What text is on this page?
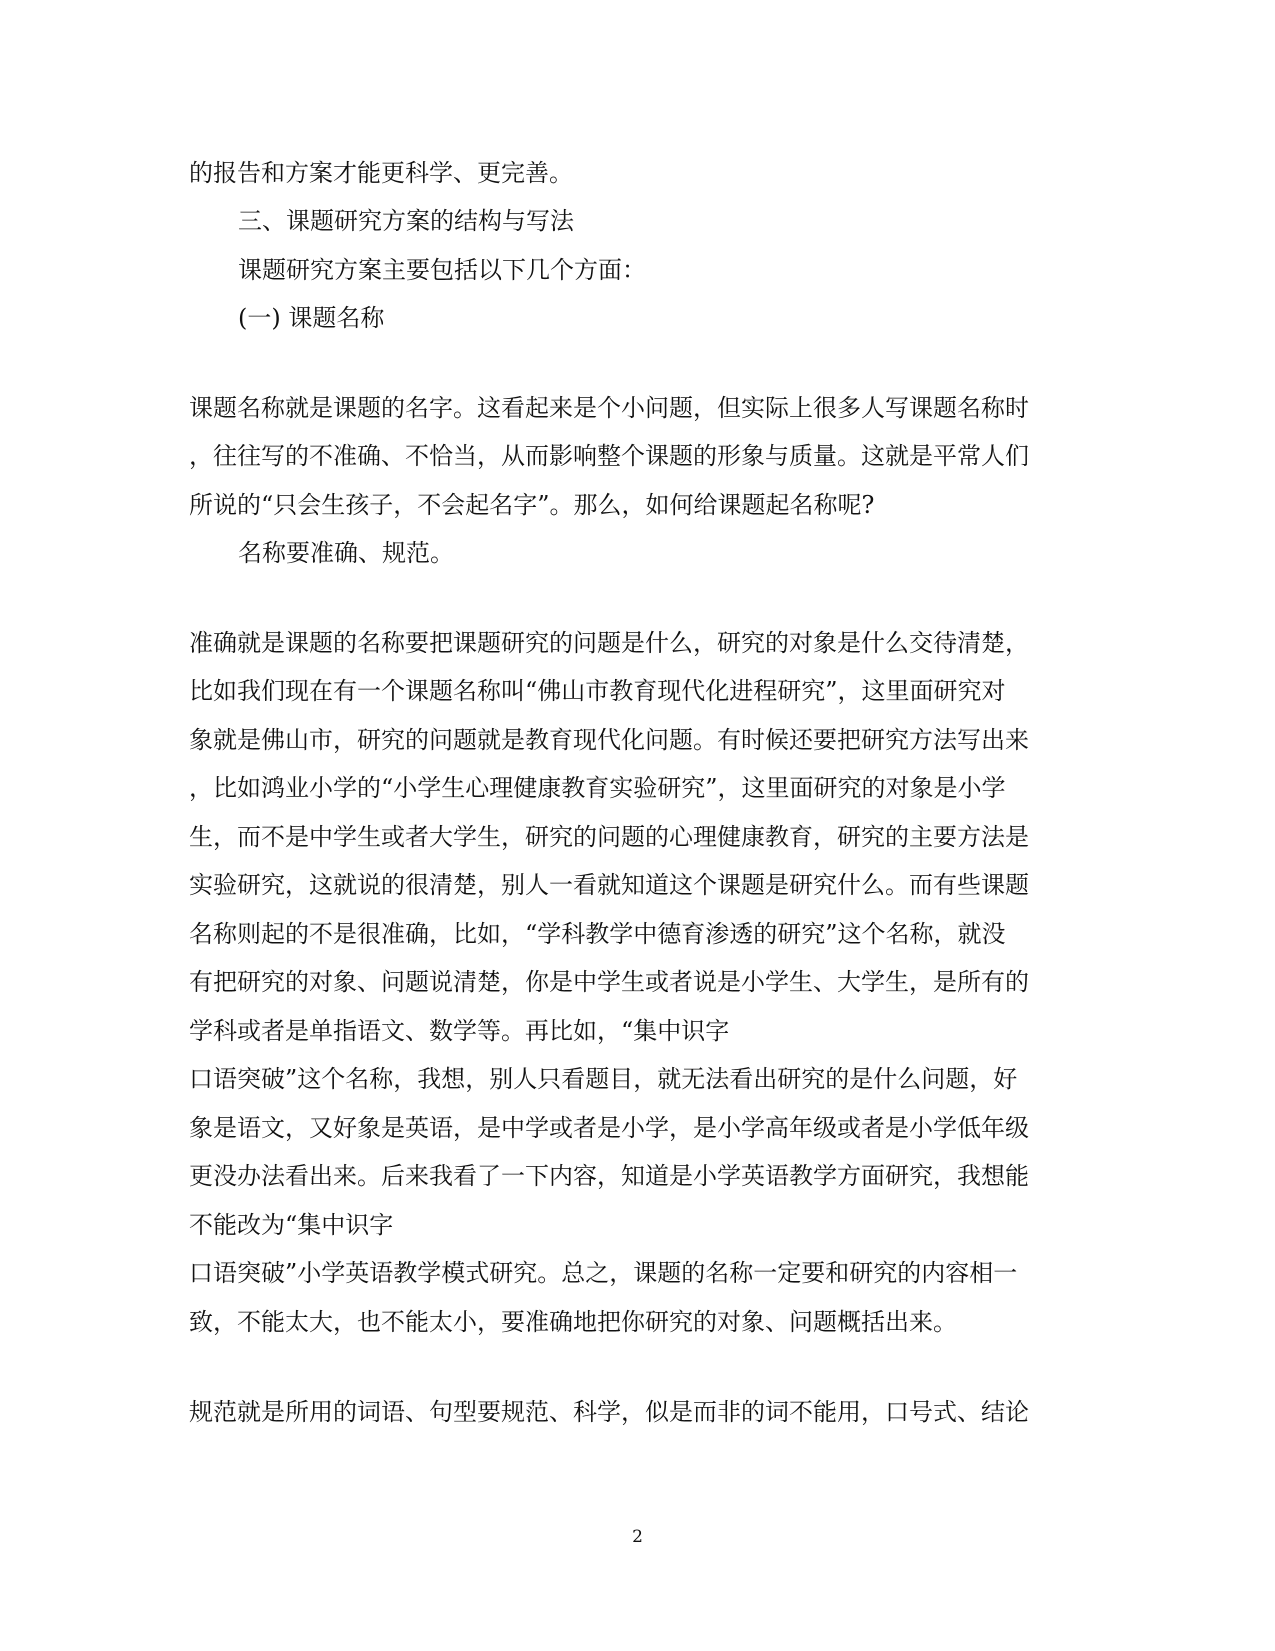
的报告和方案才能更科学、更完善。
三、课题研究方案的结构与写法
课题研究方案主要包括以下几个方面：
(一) 课题名称
课题名称就是课题的名字。这看起来是个小问题，但实际上很多人写课题名称时
，往往写的不准确、不恰当，从而影响整个课题的形象与质量。这就是平常人们
所说的“只会生孩子，不会起名字”。那么，如何给课题起名称呢?
名称要准确、规范。
准确就是课题的名称要把课题研究的问题是什么，研究的对象是什么交待清楚，
比如我们现在有一个课题名称叫“佛山市教育现代化进程研究”，这里面研究对
象就是佛山市，研究的问题就是教育现代化问题。有时候还要把研究方法写出来
，比如鸿业小学的“小学生心理健康教育实验研究”，这里面研究的对象是小学
生，而不是中学生或者大学生，研究的问题的心理健康教育，研究的主要方法是
实验研究，这就说的很清楚，别人一看就知道这个课题是研究什么。而有些课题
名称则起的不是很准确，比如，“学科教学中德育渗透的研究”这个名称，就没
有把研究的对象、问题说清楚，你是中学生或者说是小学生、大学生，是所有的
学科或者是单指语文、数学等。再比如，“集中识字
口语突破”这个名称，我想，别人只看题目，就无法看出研究的是什么问题，好
象是语文，又好象是英语，是中学或者是小学，是小学高年级或者是小学低年级
更没办法看出来。后来我看了一下内容，知道是小学英语教学方面研究，我想能
不能改为“集中识字
口语突破”小学英语教学模式研究。总之，课题的名称一定要和研究的内容相一
致，不能太大，也不能太小，要准确地把你研究的对象、问题概括出来。
规范就是所用的词语、句型要规范、科学，似是而非的词不能用，口号式、结论
2
